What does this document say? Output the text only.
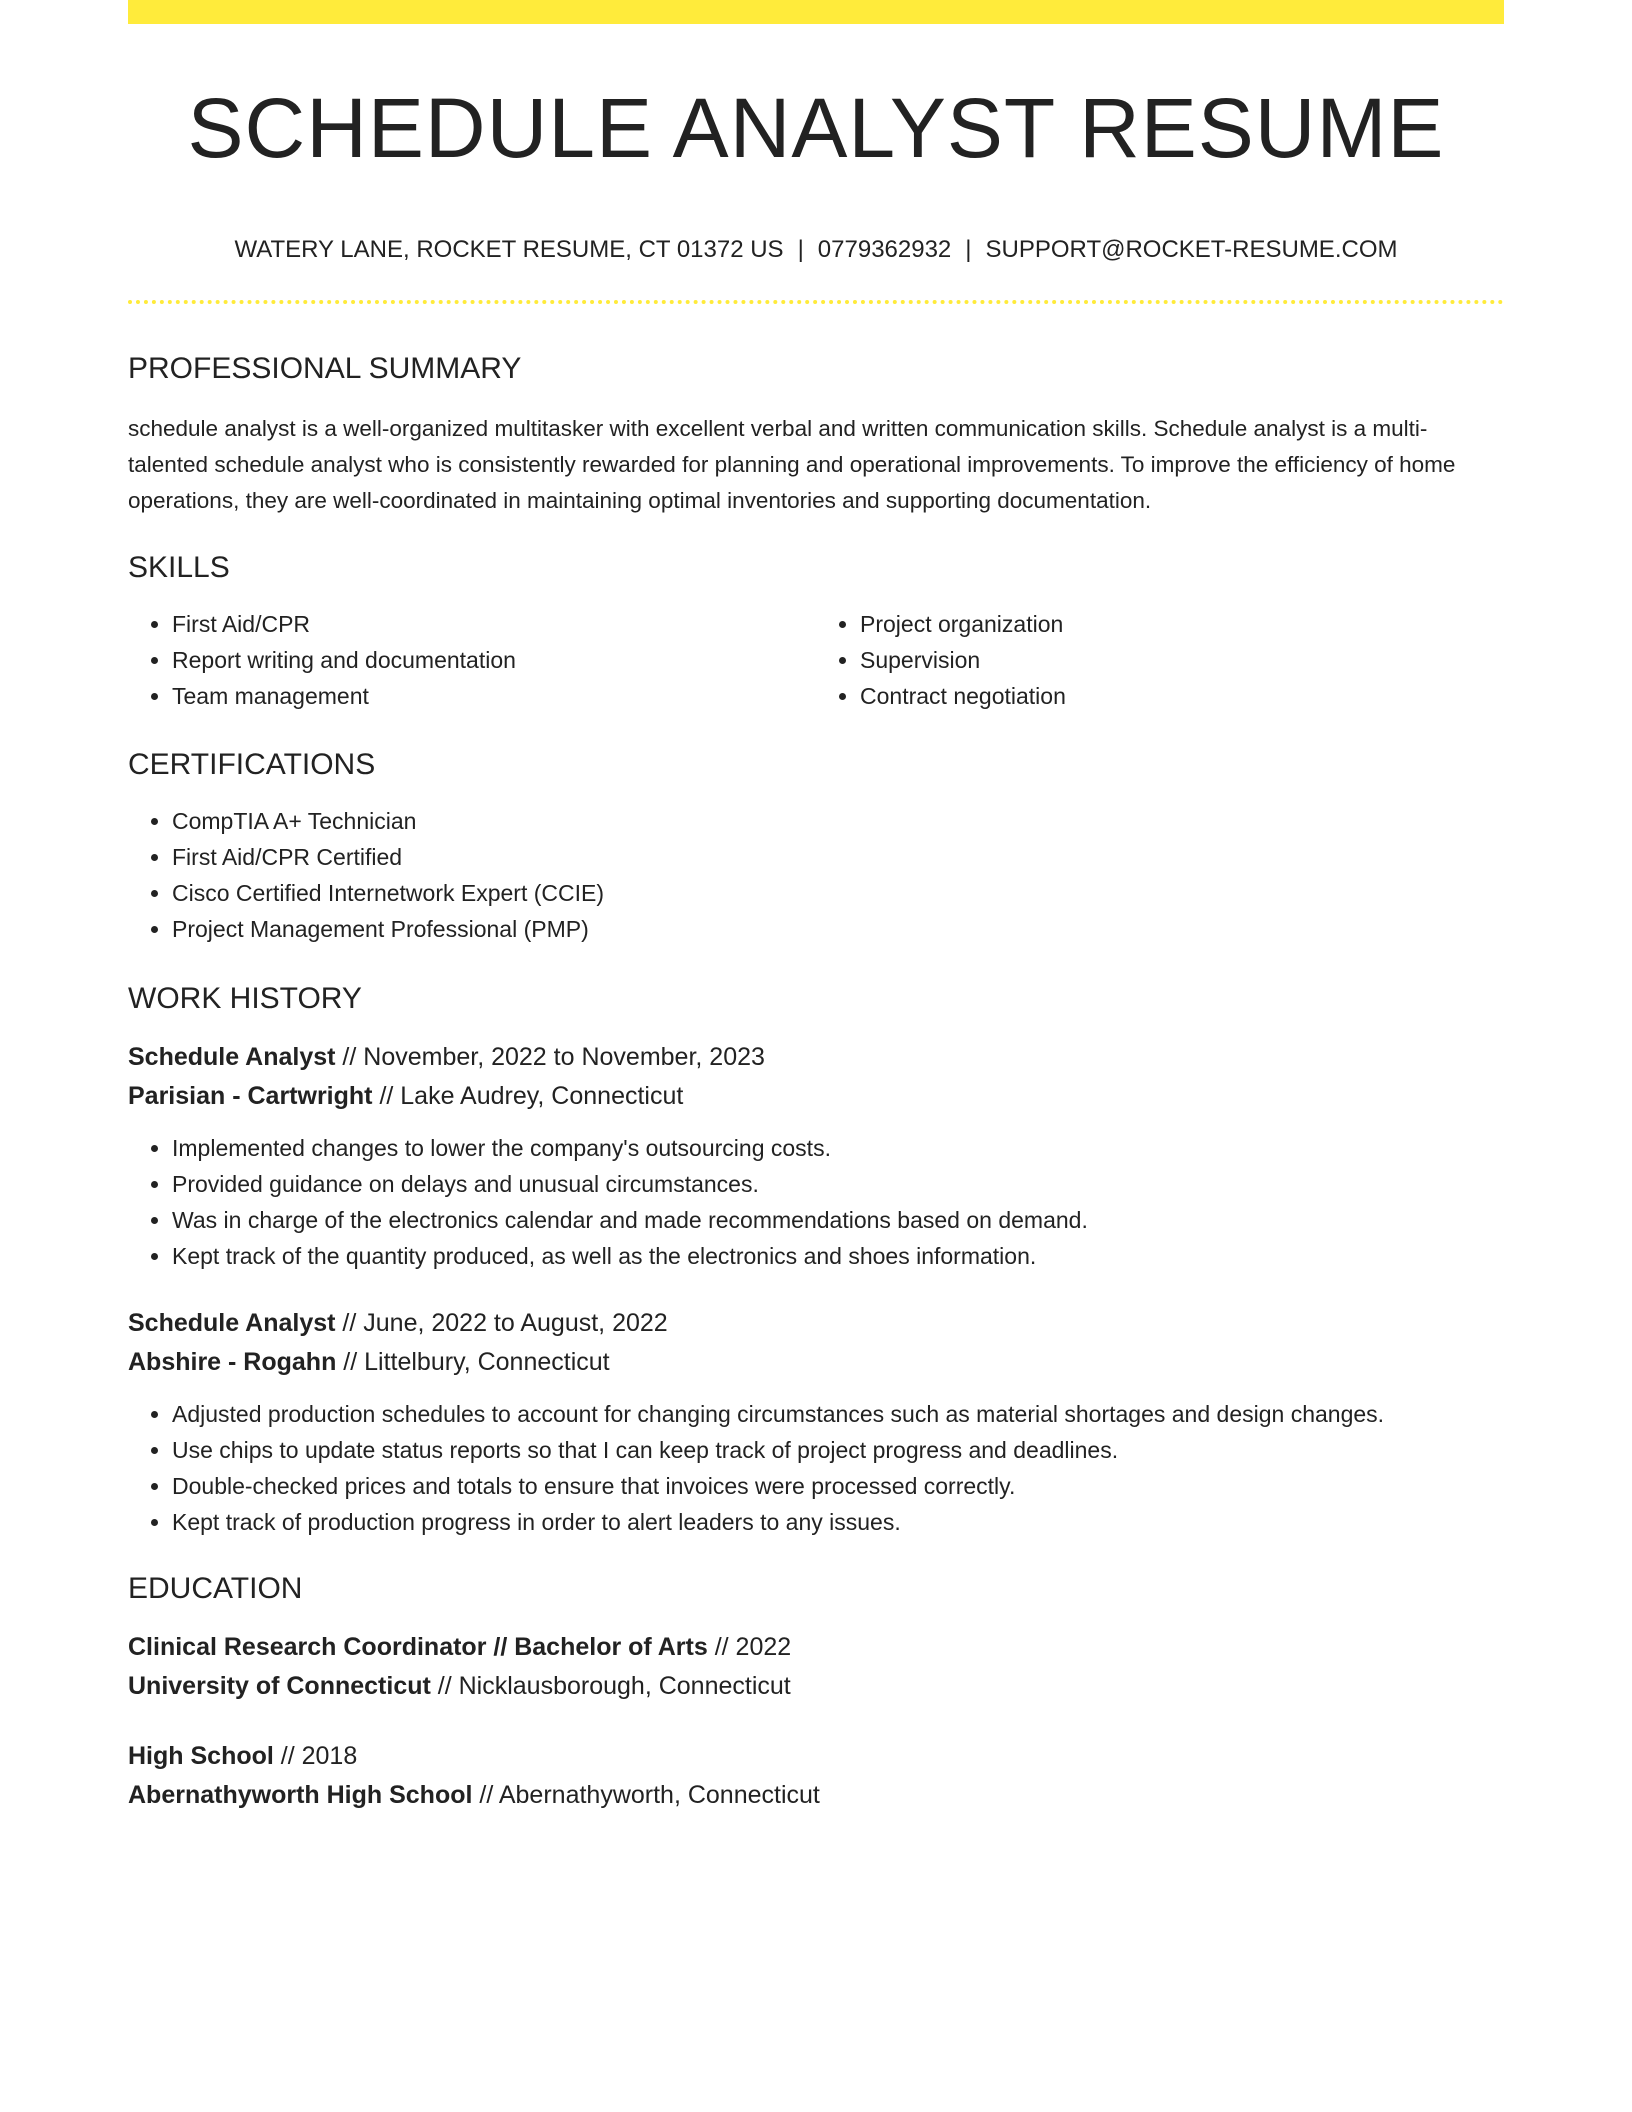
SCHEDULE ANALYST RESUME
WATERY LANE, ROCKET RESUME, CT 01372 US | 0779362932 | SUPPORT@ROCKET-RESUME.COM
PROFESSIONAL SUMMARY

schedule analyst is a well-organized multitasker with excellent verbal and written communication skills. Schedule analyst is a multi-talented schedule analyst who is consistently rewarded for planning and operational improvements. To improve the efficiency of home operations, they are well-coordinated in maintaining optimal inventories and supporting documentation.

SKILLS
• First Aid/CPR
• Report writing and documentation
• Team management
• Project organization
• Supervision
• Contract negotiation
CERTIFICATIONS
• CompTIA A+ Technician
• First Aid/CPR Certified
• Cisco Certified Internetwork Expert (CCIE)
• Project Management Professional (PMP)
WORK HISTORY
Schedule Analyst // November, 2022 to November, 2023
Parisian - Cartwright // Lake Audrey, Connecticut
• Implemented changes to lower the company's outsourcing costs.
• Provided guidance on delays and unusual circumstances.
• Was in charge of the electronics calendar and made recommendations based on demand.
• Kept track of the quantity produced, as well as the electronics and shoes information.
Schedule Analyst // June, 2022 to August, 2022
Abshire - Rogahn // Littelbury, Connecticut
• Adjusted production schedules to account for changing circumstances such as material shortages and design changes.
• Use chips to update status reports so that I can keep track of project progress and deadlines.
• Double-checked prices and totals to ensure that invoices were processed correctly.
• Kept track of production progress in order to alert leaders to any issues.
EDUCATION
Clinical Research Coordinator // Bachelor of Arts // 2022
University of Connecticut // Nicklausborough, Connecticut
High School // 2018
Abernathyworth High School // Abernathyworth, Connecticut
